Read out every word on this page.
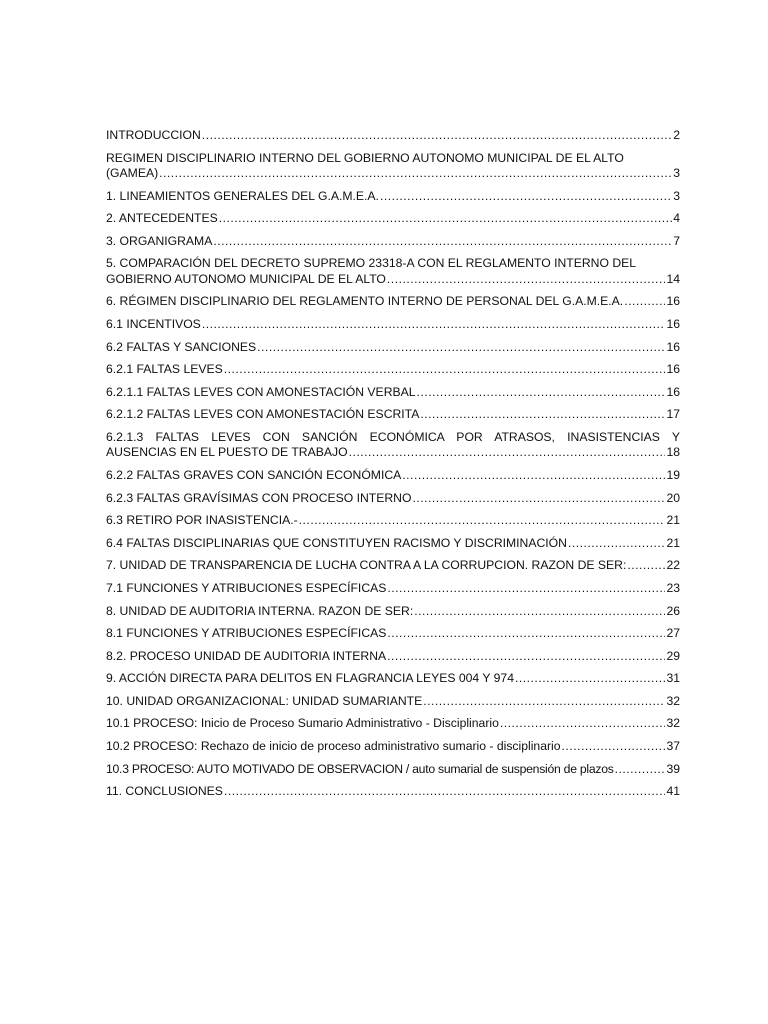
INTRODUCCION .....	2
REGIMEN DISCIPLINARIO INTERNO DEL GOBIERNO AUTONOMO MUNICIPAL DE EL ALTO
(GAMEA) .....	3
1. LINEAMIENTOS GENERALES DEL G.A.M.E.A. .....	3
2. ANTECEDENTES .....	4
3. ORGANIGRAMA .....	7
5. COMPARACIÓN DEL DECRETO SUPREMO 23318-A CON EL REGLAMENTO INTERNO DEL
GOBIERNO AUTONOMO MUNICIPAL DE EL ALTO .....	14
6. RÉGIMEN DISCIPLINARIO DEL REGLAMENTO INTERNO DE PERSONAL DEL G.A.M.E.A. .....	16
6.1 INCENTIVOS .....	16
6.2 FALTAS Y SANCIONES .....	16
6.2.1 FALTAS LEVES .....	16
6.2.1.1 FALTAS LEVES CON AMONESTACIÓN VERBAL .....	16
6.2.1.2 FALTAS LEVES CON AMONESTACIÓN ESCRITA .....	17
6.2.1.3 FALTAS LEVES CON SANCIÓN ECONÓMICA POR ATRASOS, INASISTENCIAS Y
AUSENCIAS EN EL PUESTO DE TRABAJO .....	18
6.2.2 FALTAS GRAVES CON SANCIÓN ECONÓMICA .....	19
6.2.3 FALTAS GRAVÍSIMAS CON PROCESO INTERNO .....	20
6.3 RETIRO POR INASISTENCIA.- .....	21
6.4 FALTAS DISCIPLINARIAS QUE CONSTITUYEN RACISMO Y DISCRIMINACIÓN .....	21
7. UNIDAD DE TRANSPARENCIA DE LUCHA CONTRA A LA CORRUPCION. RAZON DE SER: .....	22
7.1 FUNCIONES Y ATRIBUCIONES ESPECÍFICAS .....	23
8. UNIDAD DE AUDITORIA INTERNA. RAZON DE SER: .....	26
8.1 FUNCIONES Y ATRIBUCIONES ESPECÍFICAS .....	27
8.2. PROCESO UNIDAD DE AUDITORIA INTERNA .....	29
9. ACCIÓN DIRECTA PARA DELITOS EN FLAGRANCIA LEYES 004 Y 974 .....	31
10. UNIDAD ORGANIZACIONAL: UNIDAD SUMARIANTE .....	32
10.1 PROCESO: Inicio de Proceso Sumario Administrativo - Disciplinario .....	32
10.2 PROCESO: Rechazo de inicio de proceso administrativo sumario - disciplinario .....	37
10.3 PROCESO: AUTO MOTIVADO DE OBSERVACION / auto sumarial de suspensión de plazos .....	39
11. CONCLUSIONES .....	41
